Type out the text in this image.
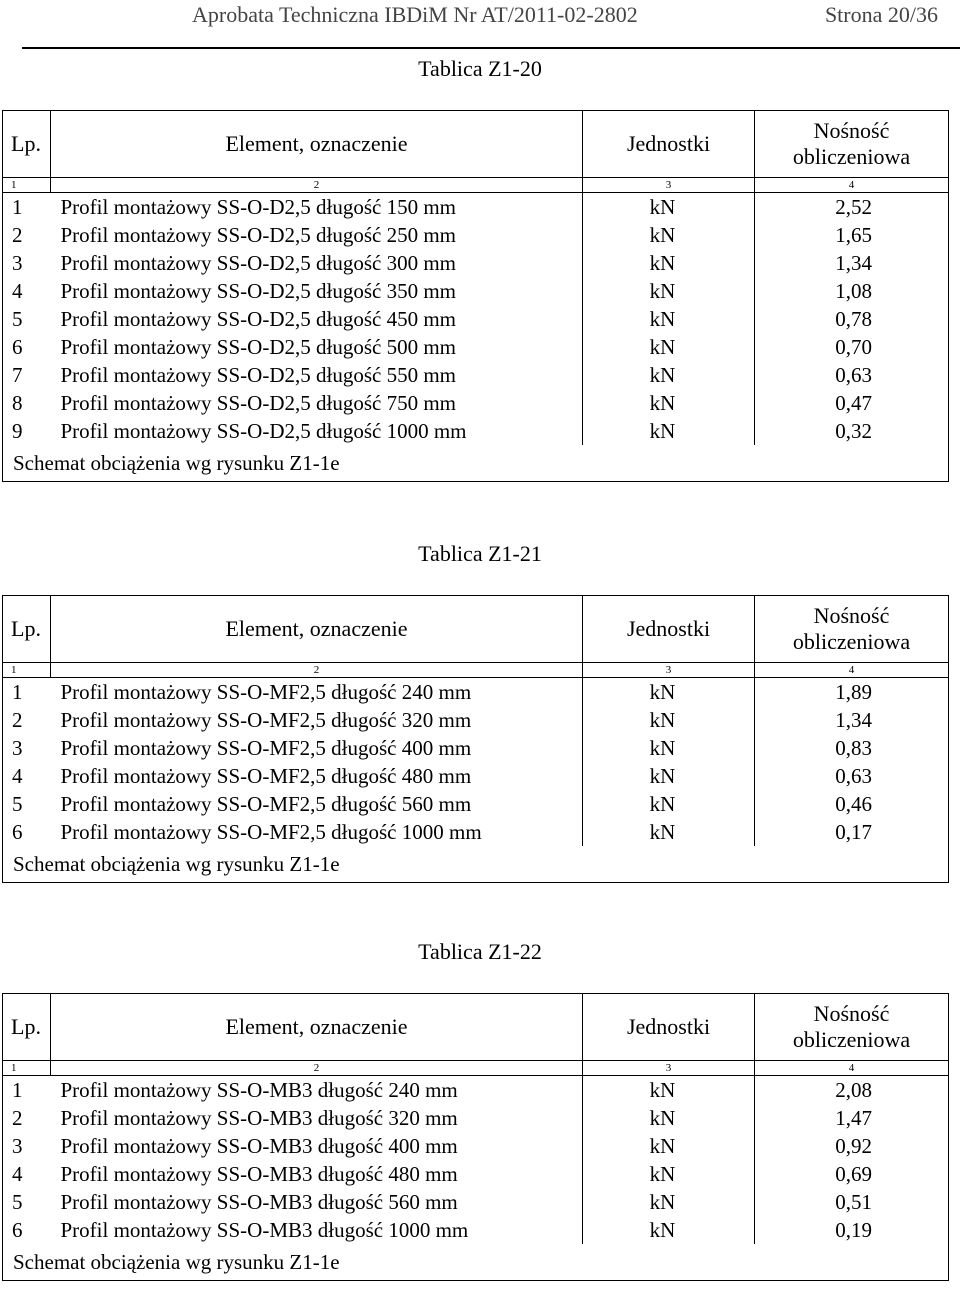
Aprobata Techniczna IBDiM Nr AT/2011-02-2802	Strona 20/36
Tablica Z1-20
Lp.	Element, oznaczenie	Jednostki	Nośność
obliczeniowa
1	2	3	4
1	Profil montażowy SS-O-D2,5 długość 150 mm	kN	2,52
2	Profil montażowy SS-O-D2,5 długość 250 mm	kN	1,65
3	Profil montażowy SS-O-D2,5 długość 300 mm	kN	1,34
4	Profil montażowy SS-O-D2,5 długość 350 mm	kN	1,08
5	Profil montażowy SS-O-D2,5 długość 450 mm	kN	0,78
6	Profil montażowy SS-O-D2,5 długość 500 mm	kN	0,70
7	Profil montażowy SS-O-D2,5 długość 550 mm	kN	0,63
8	Profil montażowy SS-O-D2,5 długość 750 mm	kN	0,47
9	Profil montażowy SS-O-D2,5 długość 1000 mm	kN	0,32
Schemat obciążenia wg rysunku Z1-1e			
Tablica Z1-21
Lp.	Element, oznaczenie	Jednostki	Nośność
obliczeniowa
1	2	3	4
1	Profil montażowy SS-O-MF2,5 długość 240 mm	kN	1,89
2	Profil montażowy SS-O-MF2,5 długość 320 mm	kN	1,34
3	Profil montażowy SS-O-MF2,5 długość 400 mm	kN	0,83
4	Profil montażowy SS-O-MF2,5 długość 480 mm	kN	0,63
5	Profil montażowy SS-O-MF2,5 długość 560 mm	kN	0,46
6	Profil montażowy SS-O-MF2,5 długość 1000 mm	kN	0,17
Schemat obciążenia wg rysunku Z1-1e			
Tablica Z1-22
Lp.	Element, oznaczenie	Jednostki	Nośność
obliczeniowa
1	2	3	4
1	Profil montażowy SS-O-MB3 długość 240 mm	kN	2,08
2	Profil montażowy SS-O-MB3 długość 320 mm	kN	1,47
3	Profil montażowy SS-O-MB3 długość 400 mm	kN	0,92
4	Profil montażowy SS-O-MB3 długość 480 mm	kN	0,69
5	Profil montażowy SS-O-MB3 długość 560 mm	kN	0,51
6	Profil montażowy SS-O-MB3 długość 1000 mm	kN	0,19
Schemat obciążenia wg rysunku Z1-1e			
